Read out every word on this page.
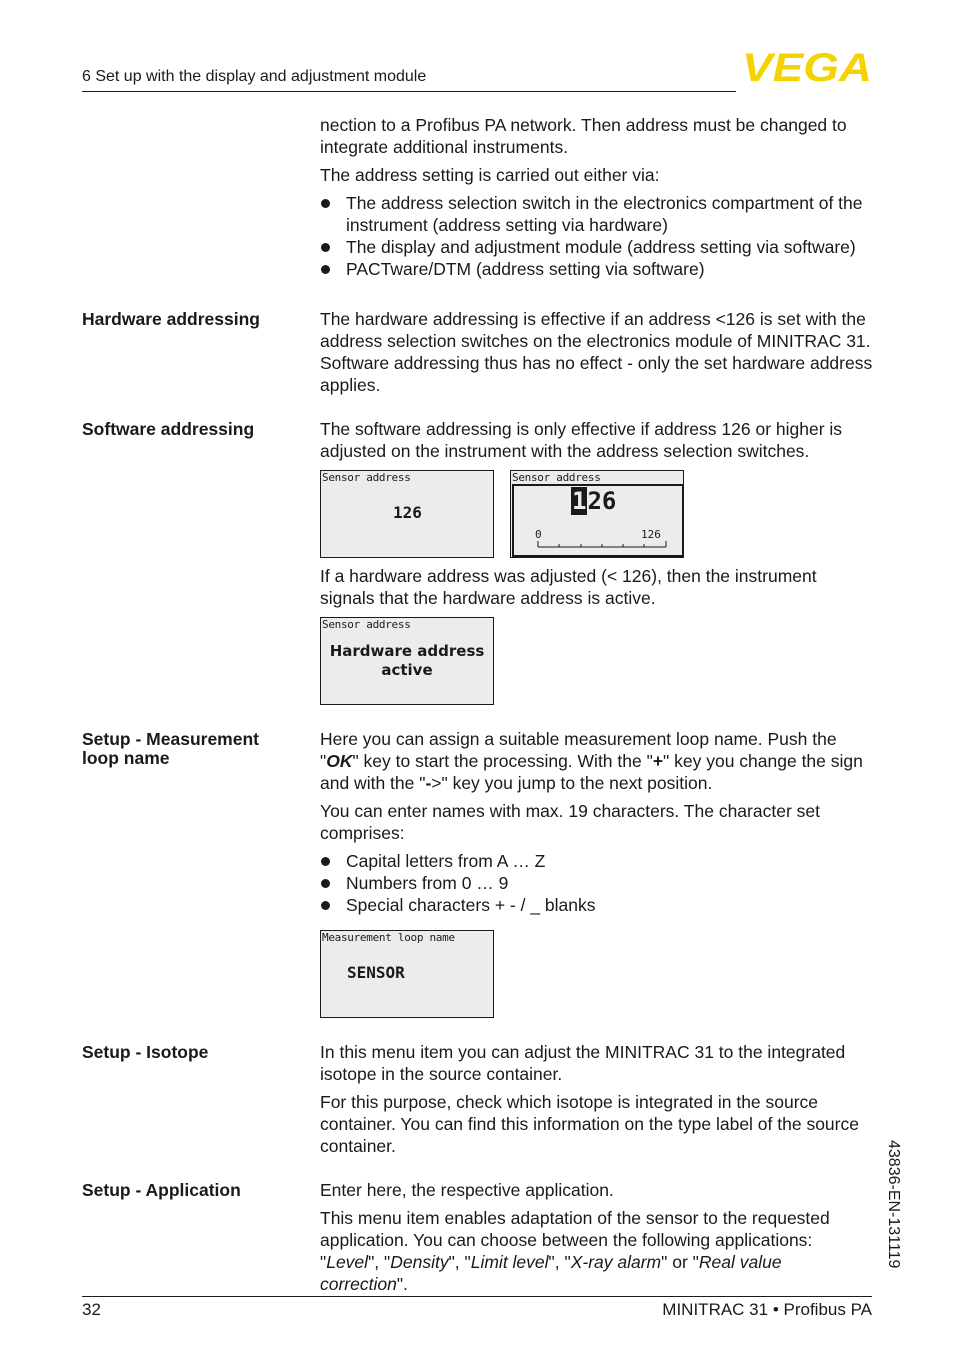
6 Set up with the display and adjustment module	VEGA

nection to a Profibus PA network. Then address must be changed to integrate additional instruments.

The address setting is carried out either via:

The address selection switch in the electronics compartment of the instrument (address setting via hardware)
The display and adjustment module (address setting via software)
PACTware/DTM (address setting via software)
Hardware addressing	The hardware addressing is effective if an address <126 is set with the address selection switches on the electronics module of MINITRAC 31. Software addressing thus has no effect - only the set hardware address applies.

Software addressing	The software addressing is only effective if address 126 or higher is adjusted on the instrument with the address selection switches.

Sensor address
126
Sensor address
126
0	126

If a hardware address was adjusted (< 126), then the instrument signals that the hardware address is active.

Sensor address
Hardware address
active
Setup - Measurement
loop name

Here you can assign a suitable measurement loop name. Push the "OK" key to start the processing. With the "+" key you change the sign and with the "->" key you jump to the next position.

You can enter names with max. 19 characters. The character set comprises:

Capital letters from A … Z
Numbers from 0 … 9
Special characters + - / _ blanks
Measurement loop name
SENSOR
Setup - Isotope	In this menu item you can adjust the MINITRAC 31 to the integrated isotope in the source container.

For this purpose, check which isotope is integrated in the source container. You can find this information on the type label of the source container.

Setup - Application	Enter here, the respective application.

This menu item enables adaptation of the sensor to the requested application. You can choose between the following applications: "Level", "Density", "Limit level", "X-ray alarm" or "Real value correction".

43836-EN-131119
32	MINITRAC 31 • Profibus PA
